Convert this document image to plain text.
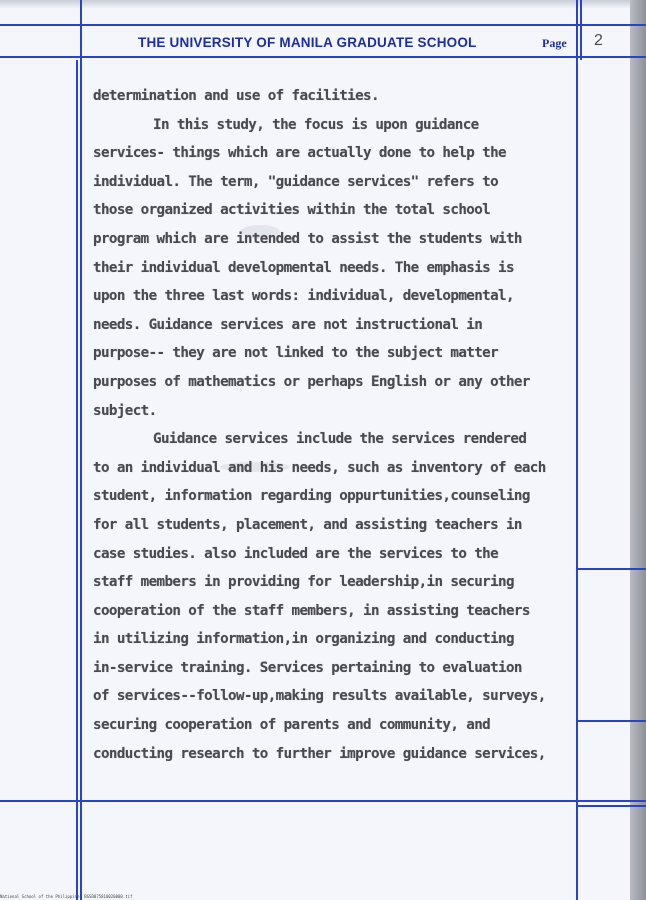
THE UNIVERSITY OF MANILA GRADUATE SCHOOL	Page 2
determination and use of facilities.
In this study, the focus is upon guidance
services- things which are actually done to help the
individual. The term, "guidance services" refers to
those organized activities within the total school
program which are intended to assist the students with
their individual developmental needs. The emphasis is
upon the three last words: individual, developmental,
needs. Guidance services are not instructional in
purpose-- they are not linked to the subject matter
purposes of mathematics or perhaps English or any other
subject.
Guidance services include the services rendered
to an individual and his needs, such as inventory of each
student, information regarding oppurtunities,counseling
for all students, placement, and assisting teachers in
case studies. also included are the services to the
staff members in providing for leadership,in securing
cooperation of the staff members, in assisting teachers
in utilizing information,in organizing and conducting
in-service training. Services pertaining to evaluation
of services--follow-up,making results available, surveys,
securing cooperation of parents and community, and
conducting research to further improve guidance services,
National School of the Philippines BGSD075810020000.tif
